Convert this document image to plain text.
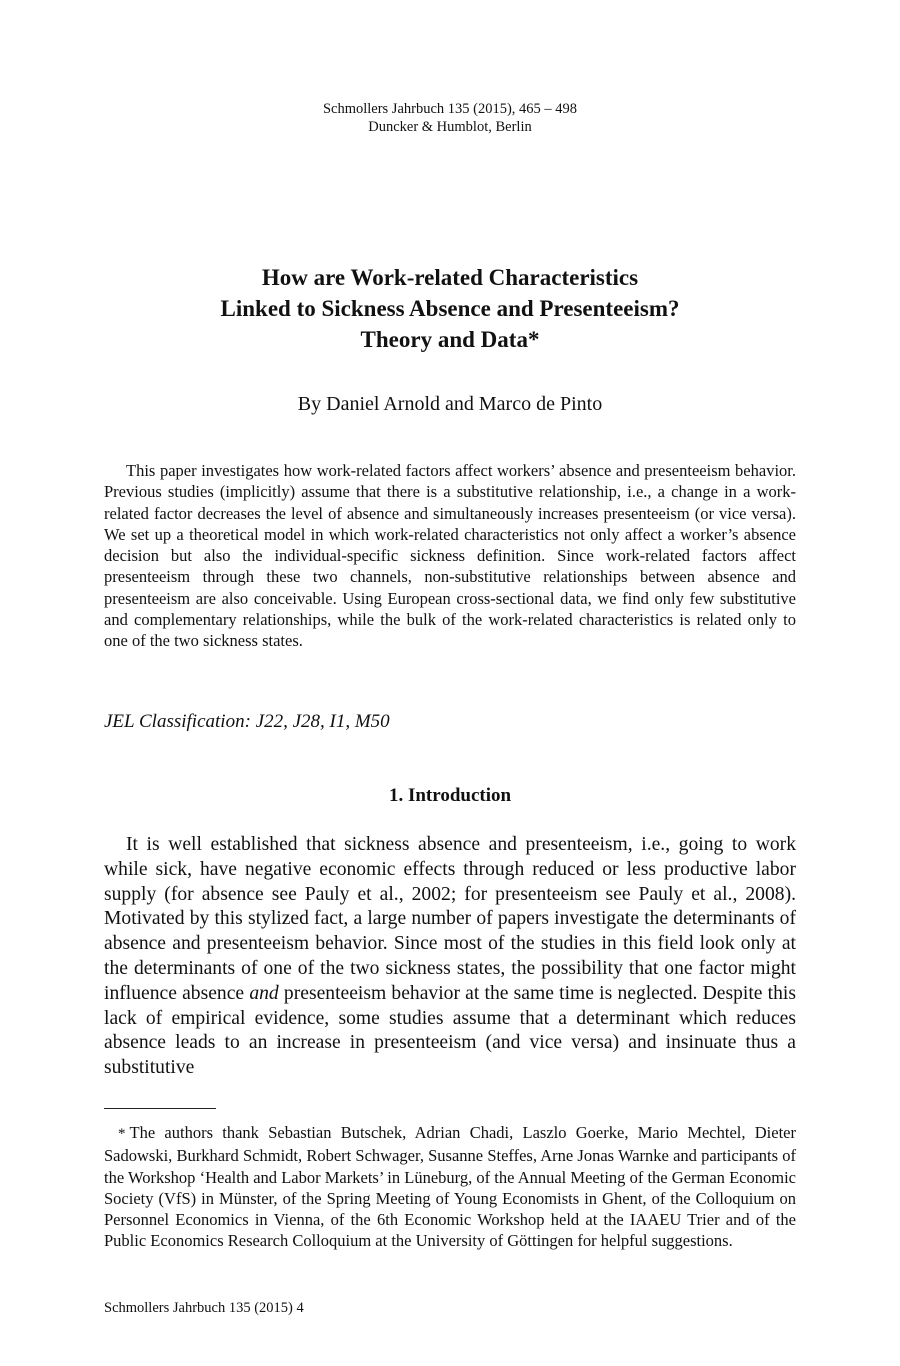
Schmollers Jahrbuch 135 (2015), 465 – 498
Duncker & Humblot, Berlin
How are Work-related Characteristics
Linked to Sickness Absence and Presenteeism?
Theory and Data*
By Daniel Arnold and Marco de Pinto

This paper investigates how work-related factors affect workers’ absence and presenteeism behavior. Previous studies (implicitly) assume that there is a substitutive relationship, i.e., a change in a work-related factor decreases the level of absence and simultaneously increases presenteeism (or vice versa). We set up a theoretical model in which work-related characteristics not only affect a worker’s absence decision but also the individual-specific sickness definition. Since work-related factors affect presenteeism through these two channels, non-substitutive relationships between absence and presenteeism are also conceivable. Using European cross-sectional data, we find only few substitutive and complementary relationships, while the bulk of the work-related characteristics is related only to one of the two sickness states.

JEL Classification: J22, J28, I1, M50
1. Introduction

It is well established that sickness absence and presenteeism, i.e., going to work while sick, have negative economic effects through reduced or less productive labor supply (for absence see Pauly et al., 2002; for presenteeism see Pauly et al., 2008). Motivated by this stylized fact, a large number of papers investigate the determinants of absence and presenteeism behavior. Since most of the studies in this field look only at the determinants of one of the two sickness states, the possibility that one factor might influence absence and presenteeism behavior at the same time is neglected. Despite this lack of empirical evidence, some studies assume that a determinant which reduces absence leads to an increase in presenteeism (and vice versa) and insinuate thus a substitutive

* The authors thank Sebastian Butschek, Adrian Chadi, Laszlo Goerke, Mario Mechtel, Dieter Sadowski, Burkhard Schmidt, Robert Schwager, Susanne Steffes, Arne Jonas Warnke and participants of the Workshop ‘Health and Labor Markets’ in Lüneburg, of the Annual Meeting of the German Economic Society (VfS) in Münster, of the Spring Meeting of Young Economists in Ghent, of the Colloquium on Personnel Economics in Vienna, of the 6th Economic Workshop held at the IAAEU Trier and of the Public Economics Research Colloquium at the University of Göttingen for helpful suggestions.

Schmollers Jahrbuch 135 (2015) 4
